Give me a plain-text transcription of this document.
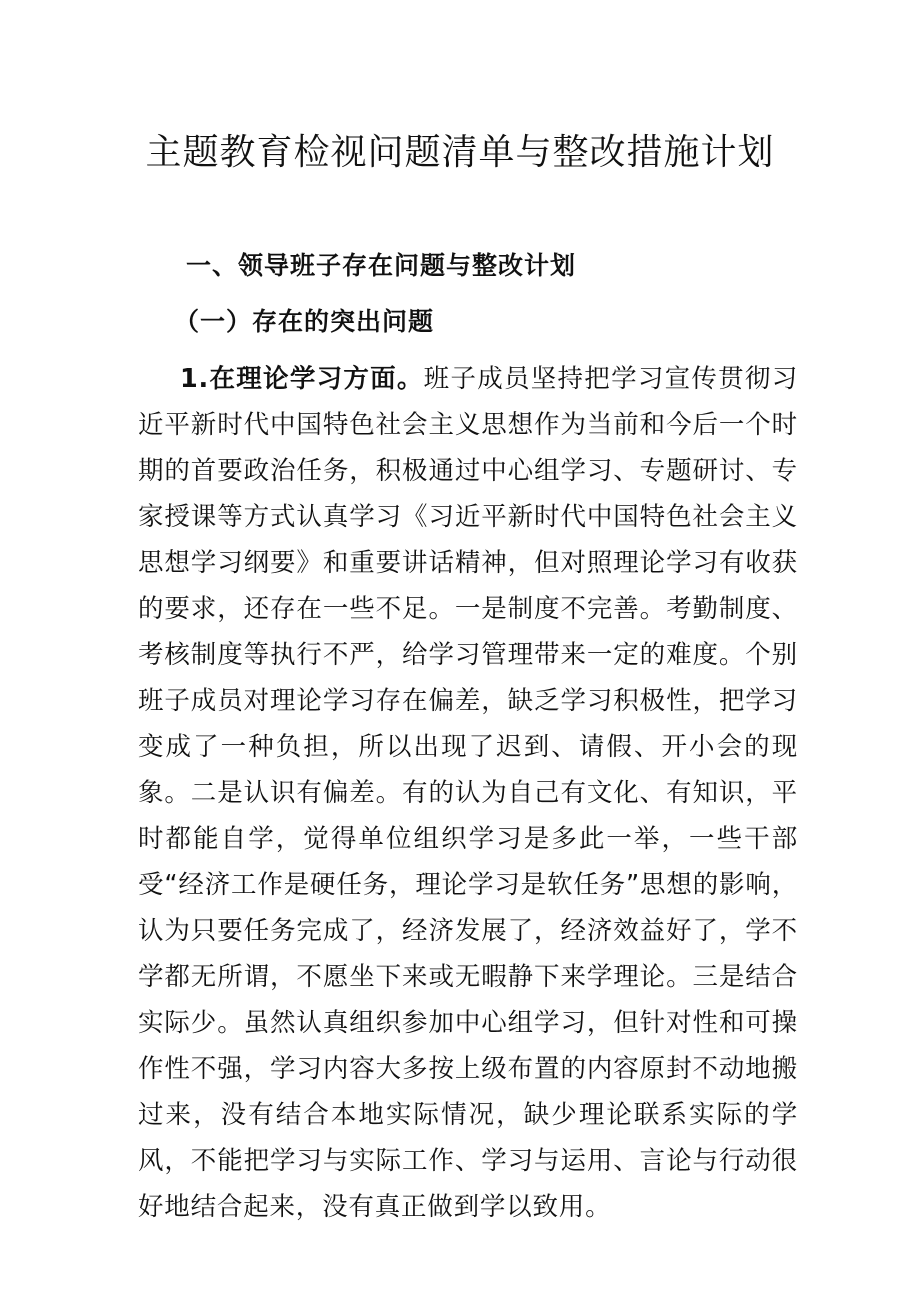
主题教育检视问题清单与整改措施计划
一、领导班子存在问题与整改计划
（一）存在的突出问题

1.在理论学习方面。班子成员坚持把学习宣传贯彻习近平新时代中国特色社会主义思想作为当前和今后一个时期的首要政治任务，积极通过中心组学习、专题研讨、专家授课等方式认真学习《习近平新时代中国特色社会主义思想学习纲要》和重要讲话精神，但对照理论学习有收获的要求，还存在一些不足。一是制度不完善。考勤制度、考核制度等执行不严，给学习管理带来一定的难度。个别班子成员对理论学习存在偏差，缺乏学习积极性，把学习变成了一种负担，所以出现了迟到、请假、开小会的现象。二是认识有偏差。有的认为自己有文化、有知识，平时都能自学，觉得单位组织学习是多此一举，一些干部受“经济工作是硬任务，理论学习是软任务”思想的影响，认为只要任务完成了，经济发展了，经济效益好了，学不学都无所谓，不愿坐下来或无暇静下来学理论。三是结合实际少。虽然认真组织参加中心组学习，但针对性和可操作性不强，学习内容大多按上级布置的内容原封不动地搬过来，没有结合本地实际情况，缺少理论联系实际的学风，不能把学习与实际工作、学习与运用、言论与行动很好地结合起来，没有真正做到学以致用。
